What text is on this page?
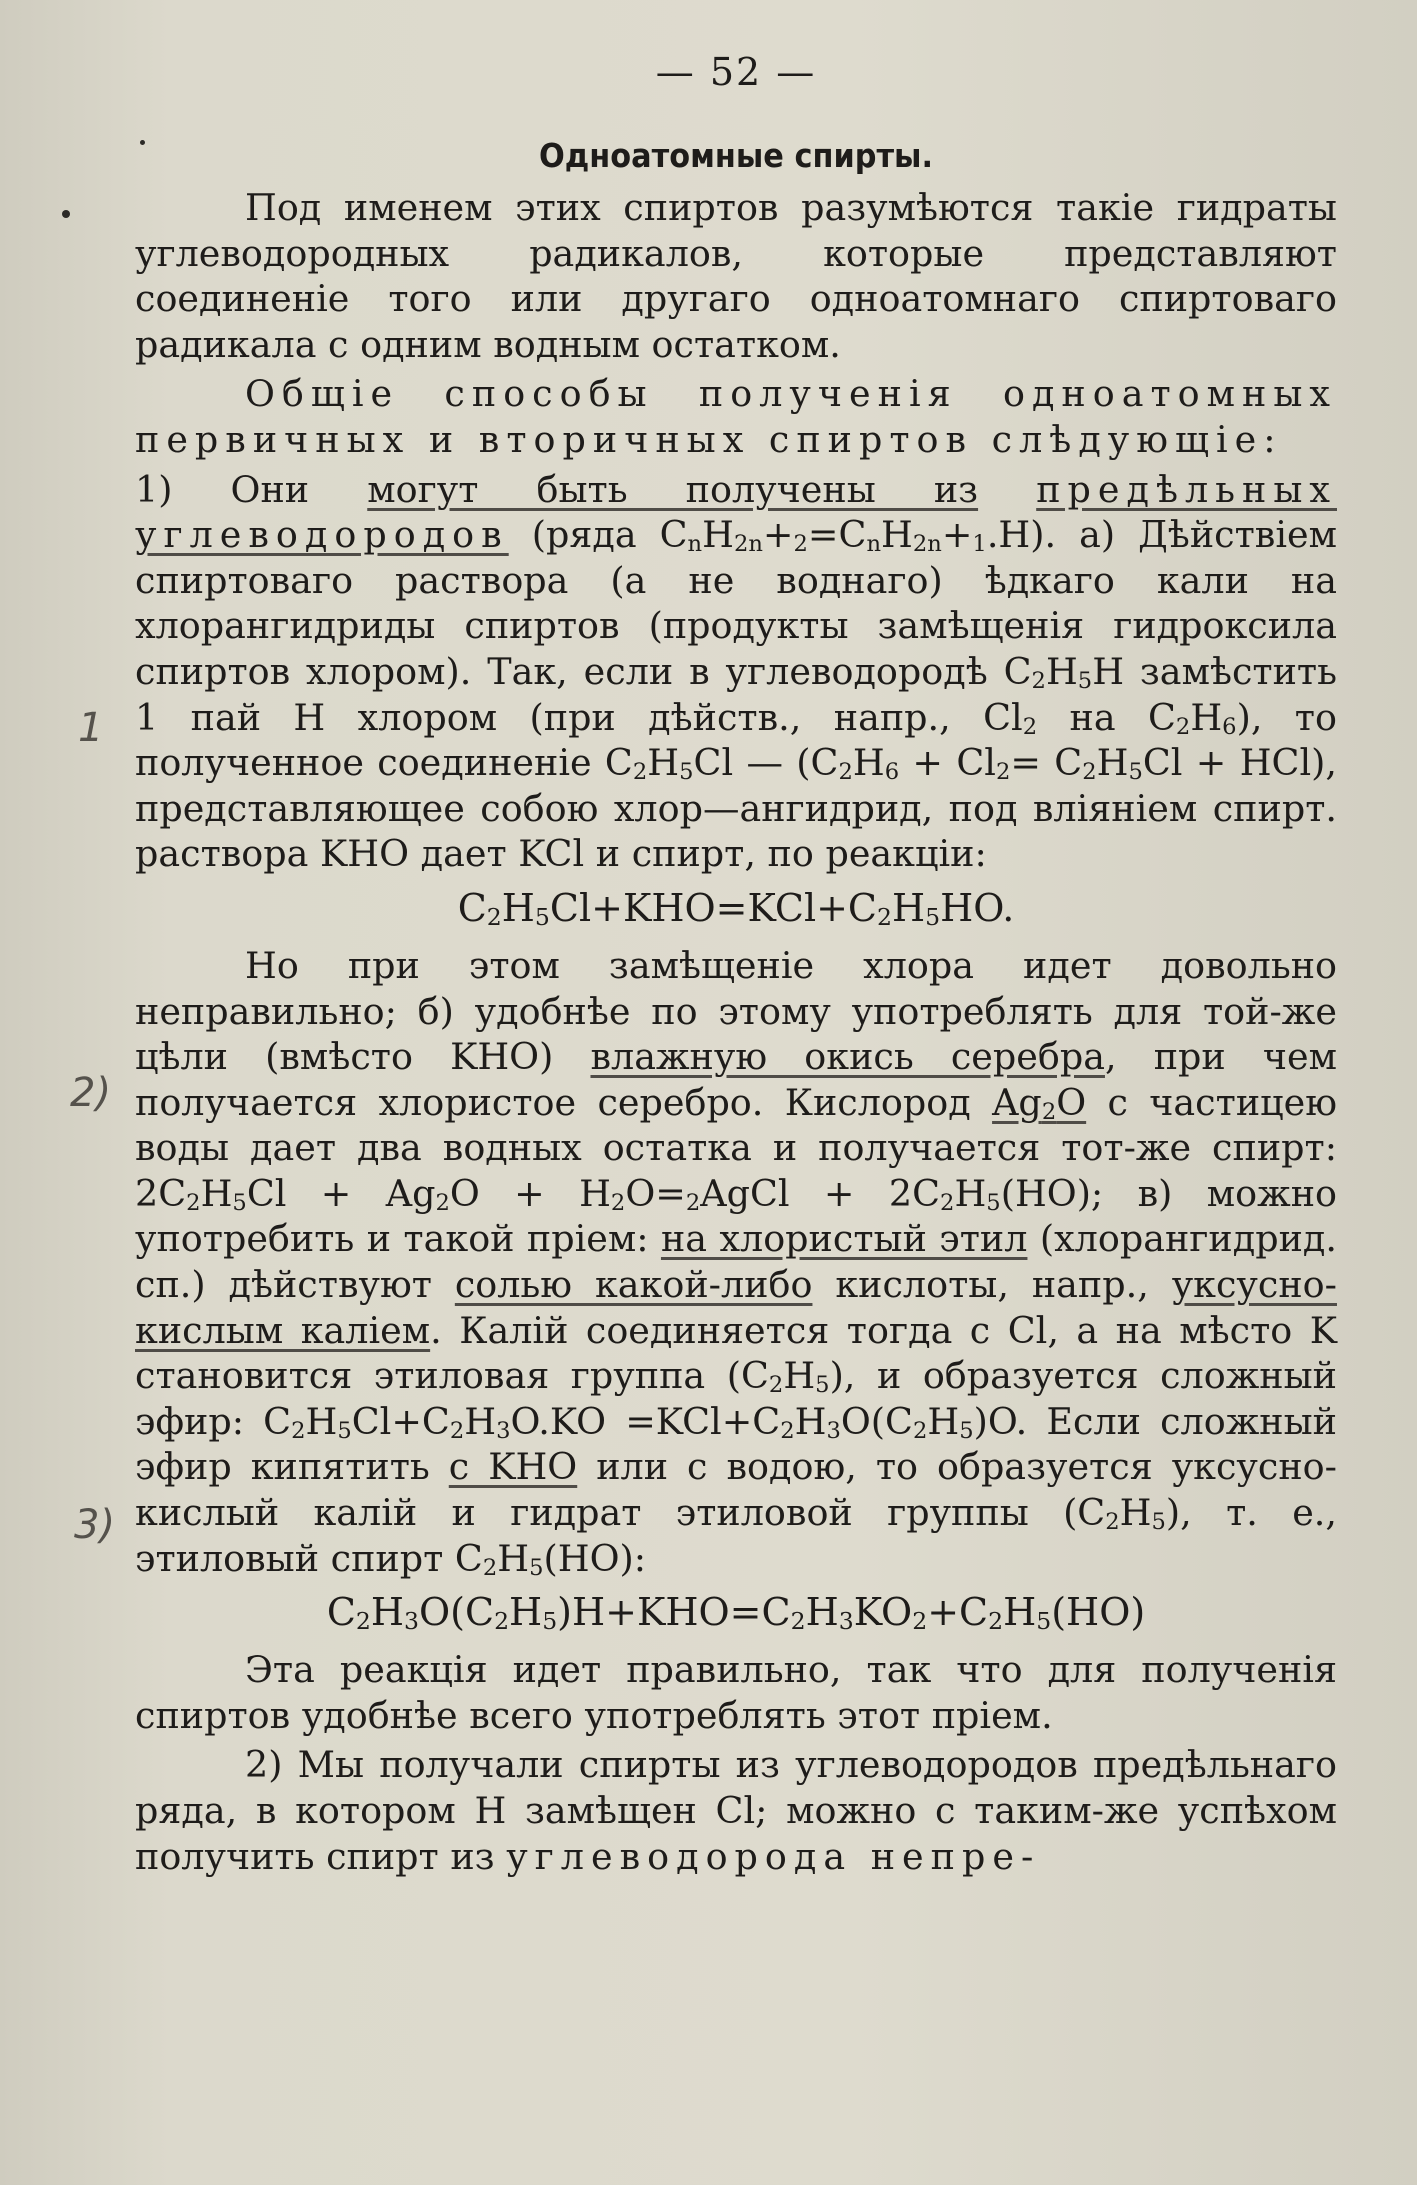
1
2)
3)
— 52 —
Одноатомные спирты.

Под именем этих спиртов разумѣются такіе гидраты углеводородных радикалов, которые представляют соединеніе того или другаго одноатомнаго спиртоваго радикала с одним водным остатком.

Общіе способы полученія одноатомных первичных и вторичных спиртов слѣдующіе:

1) Они могут быть получены из предѣльных углеводородов (ряда $C_nH_{2n}+_2=C_nH_{2n}+_1.H$). а) Дѣйствіем спиртоваго раствора (а не воднаго) ѣдкаго кали на хлорангидриды спиртов (продукты замѣщенія гидроксила спиртов хлором). Так, если в углеводородѣ $C_2H_5H$ замѣстить 1 пай H хлором (при дѣйств., напр., $Cl_2$ на $C_2H_6$), то полученное соединеніе $C_2H_5Cl$ — $(C_2H_6 + Cl_2= C_2H_5Cl + HCl)$, представляющее собою хлор—ангидрид, под вліяніем спирт. раствора KHO дает KCl и спирт, по реакціи:

$C_2H_5Cl+KHO=KCl+C_2H_5HO$.

Но при этом замѣщеніе хлора идет довольно неправильно; б) удобнѣе по этому употреблять для той-же цѣли (вмѣсто KHO) влажную окись серебра, при чем получается хлористое серебро. Кислород $Ag_2O$ с частицею воды дает два водных остатка и получается тот-же спирт: $2C_2H_5Cl + Ag_2O$ + $H_2O=_2AgCl + 2C_2H_5(HO)$; в) можно употребить и такой пріем: на хлористый этил (хлорангидрид. сп.) дѣйствуют солью какой-либо кислоты, напр., уксусно-кислым каліем. Калій соединяется тогда с Cl, а на мѣсто K становится этиловая группа $(C_2H_5)$, и образуется сложный эфир: $C_2H_5Cl+C_2H_3O.KO =KCl+C_2H_3O(C_2H_5)O$. Если сложный эфир кипятить с KHO или с водою, то образуется уксусно-кислый калій и гидрат этиловой группы $(C_2H_5)$, т. е., этиловый спирт $C_2H_5(HO)$:

$C_2H_3O(C_2H_5)H+KHO=C_2H_3KO_2+C_2H_5(HO)$

Эта реакція идет правильно, так что для полученія спиртов удобнѣе всего употреблять этот пріем.

2) Мы получали спирты из углеводородов предѣльнаго ряда, в котором H замѣщен Cl; можно с таким-же успѣхом получить спирт из углеводорода непре-
